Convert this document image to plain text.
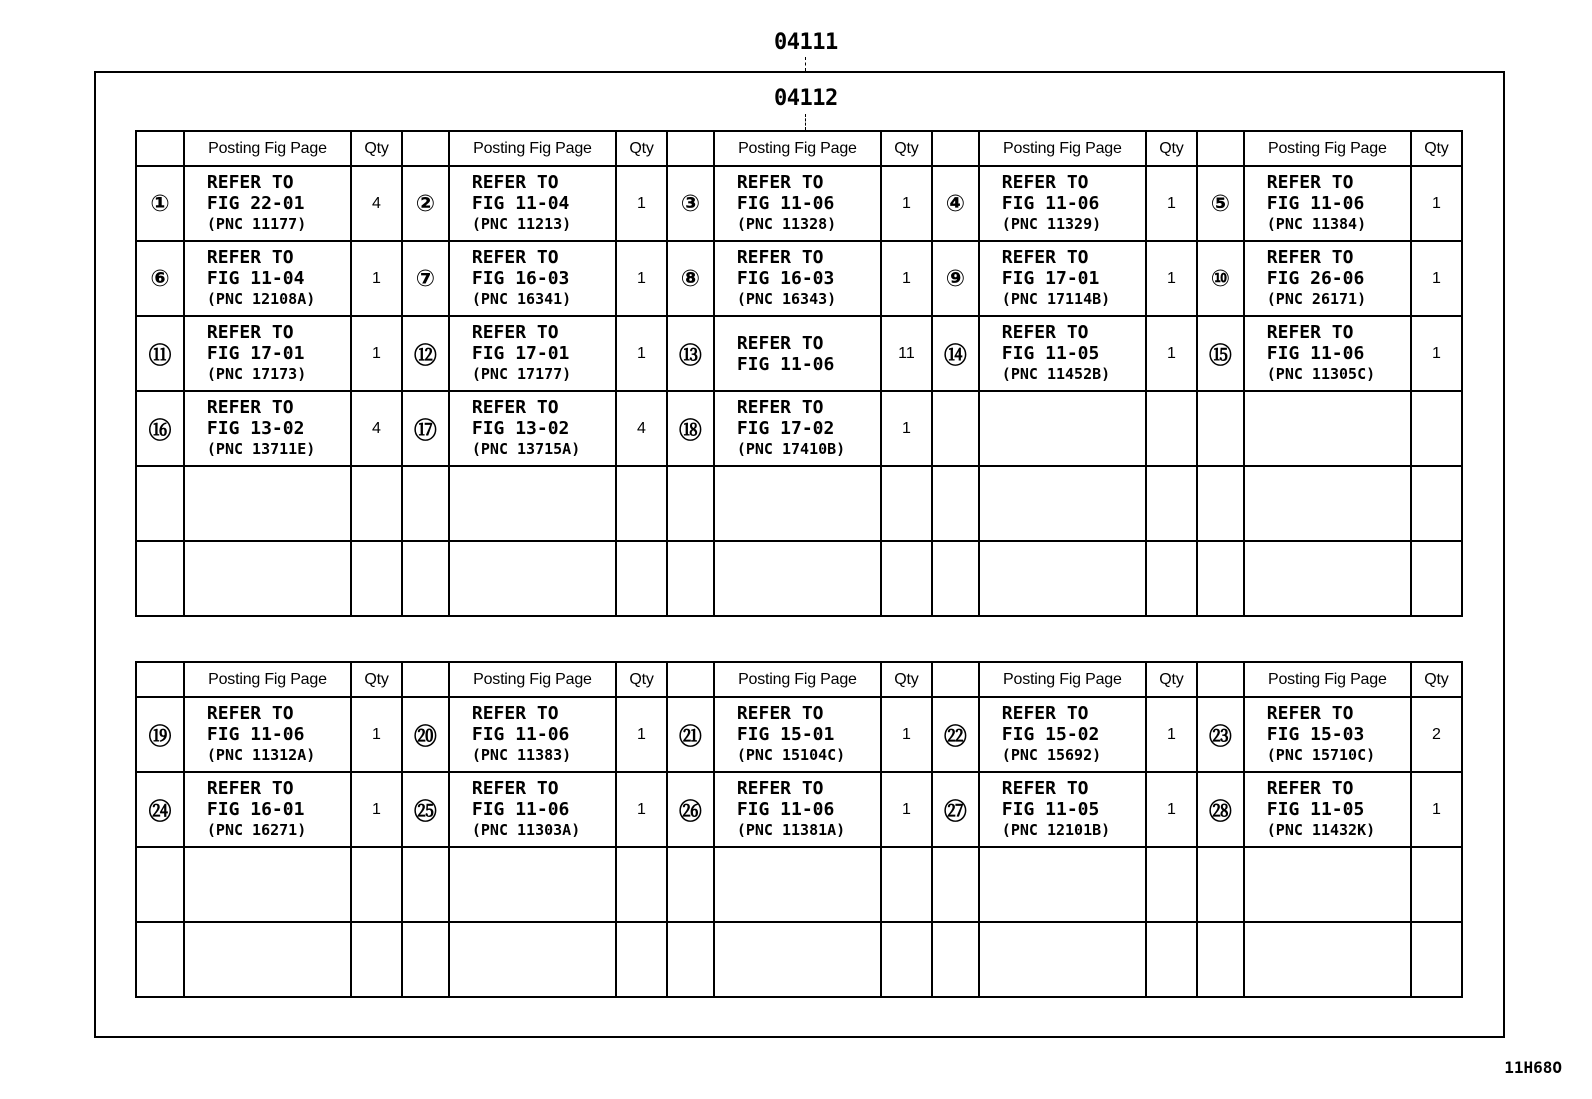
04111
04112
	Posting Fig Page	Qty		Posting Fig Page	Qty		Posting Fig Page	Qty		Posting Fig Page	Qty		Posting Fig Page	Qty
①	REFER TO
FIG 22-01
(PNC 11177)	4	②	REFER TO
FIG 11-04
(PNC 11213)	1	③	REFER TO
FIG 11-06
(PNC 11328)	1	④	REFER TO
FIG 11-06
(PNC 11329)	1	⑤	REFER TO
FIG 11-06
(PNC 11384)	1
⑥	REFER TO
FIG 11-04
(PNC 12108A)	1	⑦	REFER TO
FIG 16-03
(PNC 16341)	1	⑧	REFER TO
FIG 16-03
(PNC 16343)	1	⑨	REFER TO
FIG 17-01
(PNC 17114B)	1	⑩	REFER TO
FIG 26-06
(PNC 26171)	1
⑪	REFER TO
FIG 17-01
(PNC 17173)	1	⑫	REFER TO
FIG 17-01
(PNC 17177)	1	⑬	REFER TO
FIG 11-06	11	⑭	REFER TO
FIG 11-05
(PNC 11452B)	1	⑮	REFER TO
FIG 11-06
(PNC 11305C)	1
⑯	REFER TO
FIG 13-02
(PNC 13711E)	4	⑰	REFER TO
FIG 13-02
(PNC 13715A)	4	⑱	REFER TO
FIG 17-02
(PNC 17410B)	1		

	Posting Fig Page	Qty		Posting Fig Page	Qty		Posting Fig Page	Qty		Posting Fig Page	Qty		Posting Fig Page	Qty
⑲	REFER TO
FIG 11-06
(PNC 11312A)	1	⑳	REFER TO
FIG 11-06
(PNC 11383)	1	㉑	REFER TO
FIG 15-01
(PNC 15104C)	1	㉒	REFER TO
FIG 15-02
(PNC 15692)	1	㉓	REFER TO
FIG 15-03
(PNC 15710C)	2
㉔	REFER TO
FIG 16-01
(PNC 16271)	1	㉕	REFER TO
FIG 11-06
(PNC 11303A)	1	㉖	REFER TO
FIG 11-06
(PNC 11381A)	1	㉗	REFER TO
FIG 11-05
(PNC 12101B)	1	㉘	REFER TO
FIG 11-05
(PNC 11432K)	1

11H68O
